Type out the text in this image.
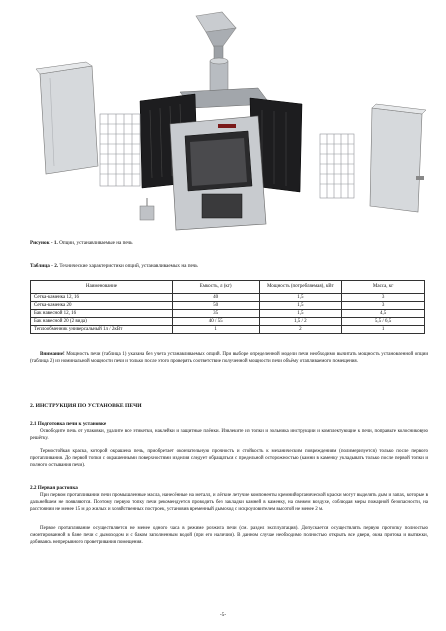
Рисунок - 1. Опции, устанавливаемые на печь
Таблица - 2. Технические характеристики опций, устанавливаемых на печь
Наименование	Емкость, л (кг)	Мощность (потребляемая), кВт	Масса, кг
Сетка-каменка 12, 16	40	1,5	3
Сетка-каменка 20	50	1,5	3
Бак навесной 12, 16	35	1,5	4,5
Бак навесной 20 (2 вида)	40 / 55	1,5 / 2	5,5 / 6,5
Теплообменник универсальный 1л / 2кВт	1	2	1

Внимание! Мощность печи (таблица 1) указана без учета устанавливаемых опций. При выборе определенной модели печи необходимо вычитать мощность установленной опции (таблица 2) из номинальной мощности печи и только после этого проверять соответствие полученной мощности печи объёму отапливаемого помещения.

2. ИНСТРУКЦИЯ ПО УСТАНОВКЕ ПЕЧИ
2.1 Подготовка печи к установке

Освободите печь от упаковки, удалите все этикетки, наклейки и защитные плёнки. Извлеките из топки и зольника инструкции и комплектующие к печи, поправьте колосниковую решётку.

Термостойкая краска, которой окрашена печь, приобретает окончательную прочность и стойкость к механическим повреждениям (полимеризуется) только после первого протапливания. До первой топки с окрашенными поверхностями изделия следует обращаться с предельной осторожностью (камни в каменку укладывать только после первой топки и полного остывания печи).

2.2 Первая растопка

При первом протапливании печи промышленные масла, нанесённые на металл, и лёгкие летучие компоненты кремнийорганической краски могут выделять дым и запах, которые в дальнейшем не появляются. Поэтому первую топку печи рекомендуется проводить без закладки камней в каменку, на свежем воздухе, соблюдая меры пожарной безопасности, на расстоянии не менее 15 м до жилых и хозяйственных построек, установив временный дымоход с искроуловителем высотой не менее 2 м.

Первое протапливание осуществляется не менее одного часа в режиме розжига печи (см. раздел эксплуатация). Допускается осуществлять первую протопку полностью смонтированной в бане печи с дымоходом и с баком заполненным водой (при его наличии). В данном случае необходимо полностью открыть все двери, окна притока и вытяжки, добиваясь непрерывного проветривания помещения.

-5-
